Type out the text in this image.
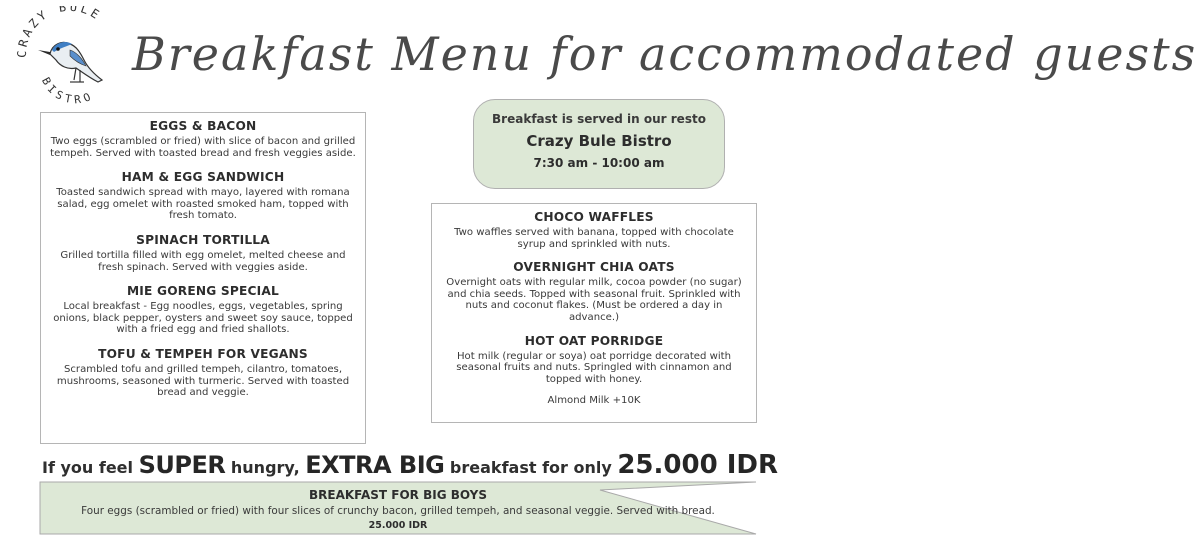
CRAZY BULE
BISTRO
Breakfast Menu for accommodated guests
EGGS & BACON
Two eggs (scrambled or fried) with slice of bacon and grilled tempeh. Served with toasted bread and fresh veggies aside.
HAM & EGG SANDWICH
Toasted sandwich spread with mayo, layered with romana salad, egg omelet with roasted smoked ham, topped with fresh tomato.
SPINACH TORTILLA
Grilled tortilla filled with egg omelet, melted cheese and fresh spinach. Served with veggies aside.
MIE GORENG SPECIAL
Local breakfast - Egg noodles, eggs, vegetables, spring onions, black pepper, oysters and sweet soy sauce, topped with a fried egg and fried shallots.
TOFU & TEMPEH FOR VEGANS
Scrambled tofu and grilled tempeh, cilantro, tomatoes, mushrooms, seasoned with turmeric. Served with toasted bread and veggie.
Breakfast is served in our resto
Crazy Bule Bistro
7:30 am - 10:00 am
CHOCO WAFFLES
Two waffles served with banana, topped with chocolate syrup and sprinkled with nuts.
OVERNIGHT CHIA OATS
Overnight oats with regular milk, cocoa powder (no sugar) and chia seeds. Topped with seasonal fruit. Sprinkled with nuts and coconut flakes. (Must be ordered a day in advance.)
HOT OAT PORRIDGE
Hot milk (regular or soya) oat porridge decorated with seasonal fruits and nuts. Springled with cinnamon and topped with honey.
Almond Milk +10K
If you feel SUPER hungry, EXTRA BIG breakfast for only 25.000 IDR
BREAKFAST FOR BIG BOYS
Four eggs (scrambled or fried) with four slices of crunchy bacon, grilled tempeh, and seasonal veggie. Served with bread.
25.000 IDR
